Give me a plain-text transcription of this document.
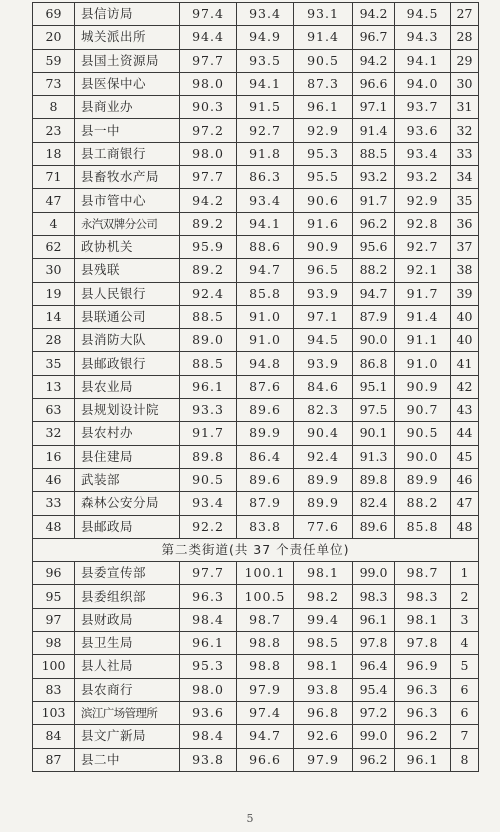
69	县信访局	97.4	93.4	93.1	94.2	94.5	27
20	城关派出所	94.4	94.9	91.4	96.7	94.3	28
59	县国土资源局	97.7	93.5	90.5	94.2	94.1	29
73	县医保中心	98.0	94.1	87.3	96.6	94.0	30
8	县商业办	90.3	91.5	96.1	97.1	93.7	31
23	县一中	97.2	92.7	92.9	91.4	93.6	32
18	县工商银行	98.0	91.8	95.3	88.5	93.4	33
71	县畜牧水产局	97.7	86.3	95.5	93.2	93.2	34
47	县市管中心	94.2	93.4	90.6	91.7	92.9	35
4	永汽双牌分公司	89.2	94.1	91.6	96.2	92.8	36
62	政协机关	95.9	88.6	90.9	95.6	92.7	37
30	县残联	89.2	94.7	96.5	88.2	92.1	38
19	县人民银行	92.4	85.8	93.9	94.7	91.7	39
14	县联通公司	88.5	91.0	97.1	87.9	91.4	40
28	县消防大队	89.0	91.0	94.5	90.0	91.1	40
35	县邮政银行	88.5	94.8	93.9	86.8	91.0	41
13	县农业局	96.1	87.6	84.6	95.1	90.9	42
63	县规划设计院	93.3	89.6	82.3	97.5	90.7	43
32	县农村办	91.7	89.9	90.4	90.1	90.5	44
16	县住建局	89.8	86.4	92.4	91.3	90.0	45
46	武装部	90.5	89.6	89.9	89.8	89.9	46
33	森林公安分局	93.4	87.9	89.9	82.4	88.2	47
48	县邮政局	92.2	83.8	77.6	89.6	85.8	48
第二类街道(共 37 个责任单位)							
96	县委宣传部	97.7	100.1	98.1	99.0	98.7	1
95	县委组织部	96.3	100.5	98.2	98.3	98.3	2
97	县财政局	98.4	98.7	99.4	96.1	98.1	3
98	县卫生局	96.1	98.8	98.5	97.8	97.8	4
100	县人社局	95.3	98.8	98.1	96.4	96.9	5
83	县农商行	98.0	97.9	93.8	95.4	96.3	6
103	滨江广场管理所	93.6	97.4	96.8	97.2	96.3	6
84	县文广新局	98.4	94.7	92.6	99.0	96.2	7
87	县二中	93.8	96.6	97.9	96.2	96.1	8
5
